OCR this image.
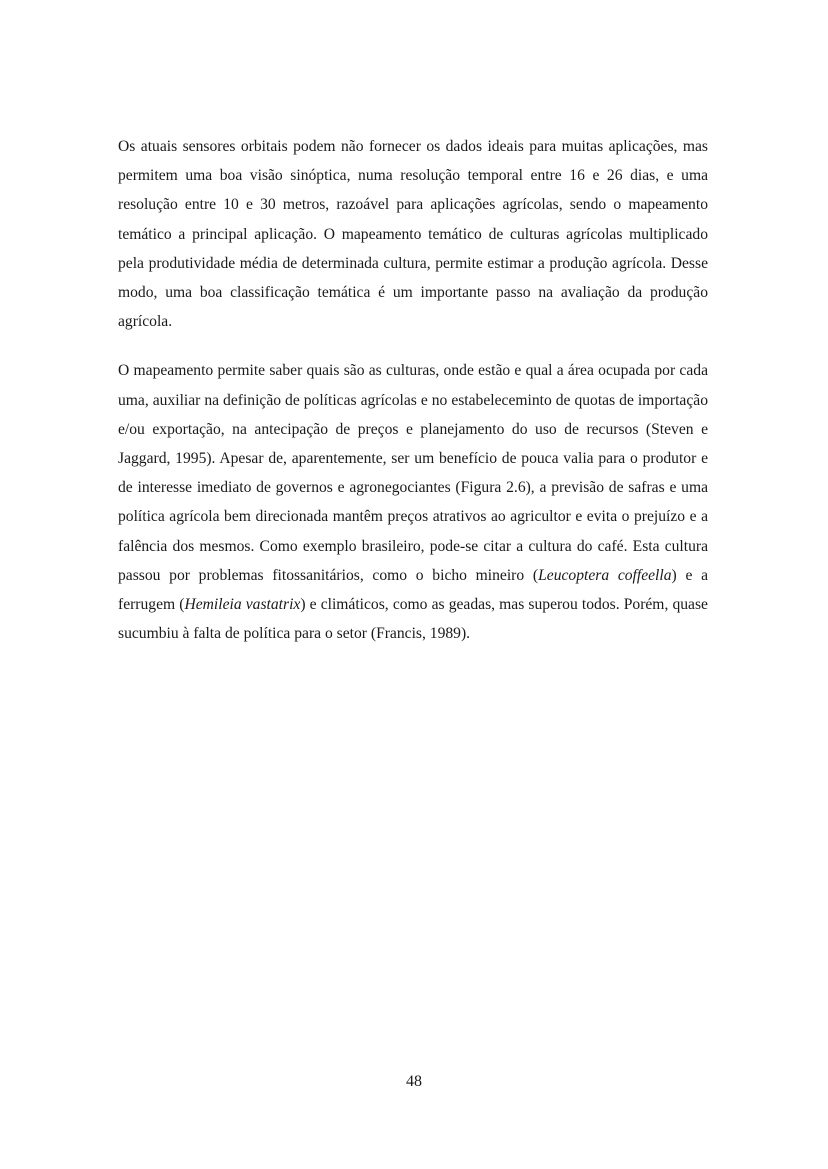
Os atuais sensores orbitais podem não fornecer os dados ideais para muitas aplicações, mas permitem uma boa visão sinóptica, numa resolução temporal entre 16 e 26 dias, e uma resolução entre 10 e 30 metros, razoável para aplicações agrícolas, sendo o mapeamento temático a principal aplicação. O mapeamento temático de culturas agrícolas multiplicado pela produtividade média de determinada cultura, permite estimar a produção agrícola. Desse modo, uma boa classificação temática é um importante passo na avaliação da produção agrícola.

O mapeamento permite saber quais são as culturas, onde estão e qual a área ocupada por cada uma, auxiliar na definição de políticas agrícolas e no estabeleceminto de quotas de importação e/ou exportação, na antecipação de preços e planejamento do uso de recursos (Steven e Jaggard, 1995). Apesar de, aparentemente, ser um benefício de pouca valia para o produtor e de interesse imediato de governos e agronegociantes (Figura 2.6), a previsão de safras e uma política agrícola bem direcionada mantêm preços atrativos ao agricultor e evita o prejuízo e a falência dos mesmos. Como exemplo brasileiro, pode-se citar a cultura do café. Esta cultura passou por problemas fitossanitários, como o bicho mineiro (Leucoptera coffeella) e a ferrugem (Hemileia vastatrix) e climáticos, como as geadas, mas superou todos. Porém, quase sucumbiu à falta de política para o setor (Francis, 1989).

48
